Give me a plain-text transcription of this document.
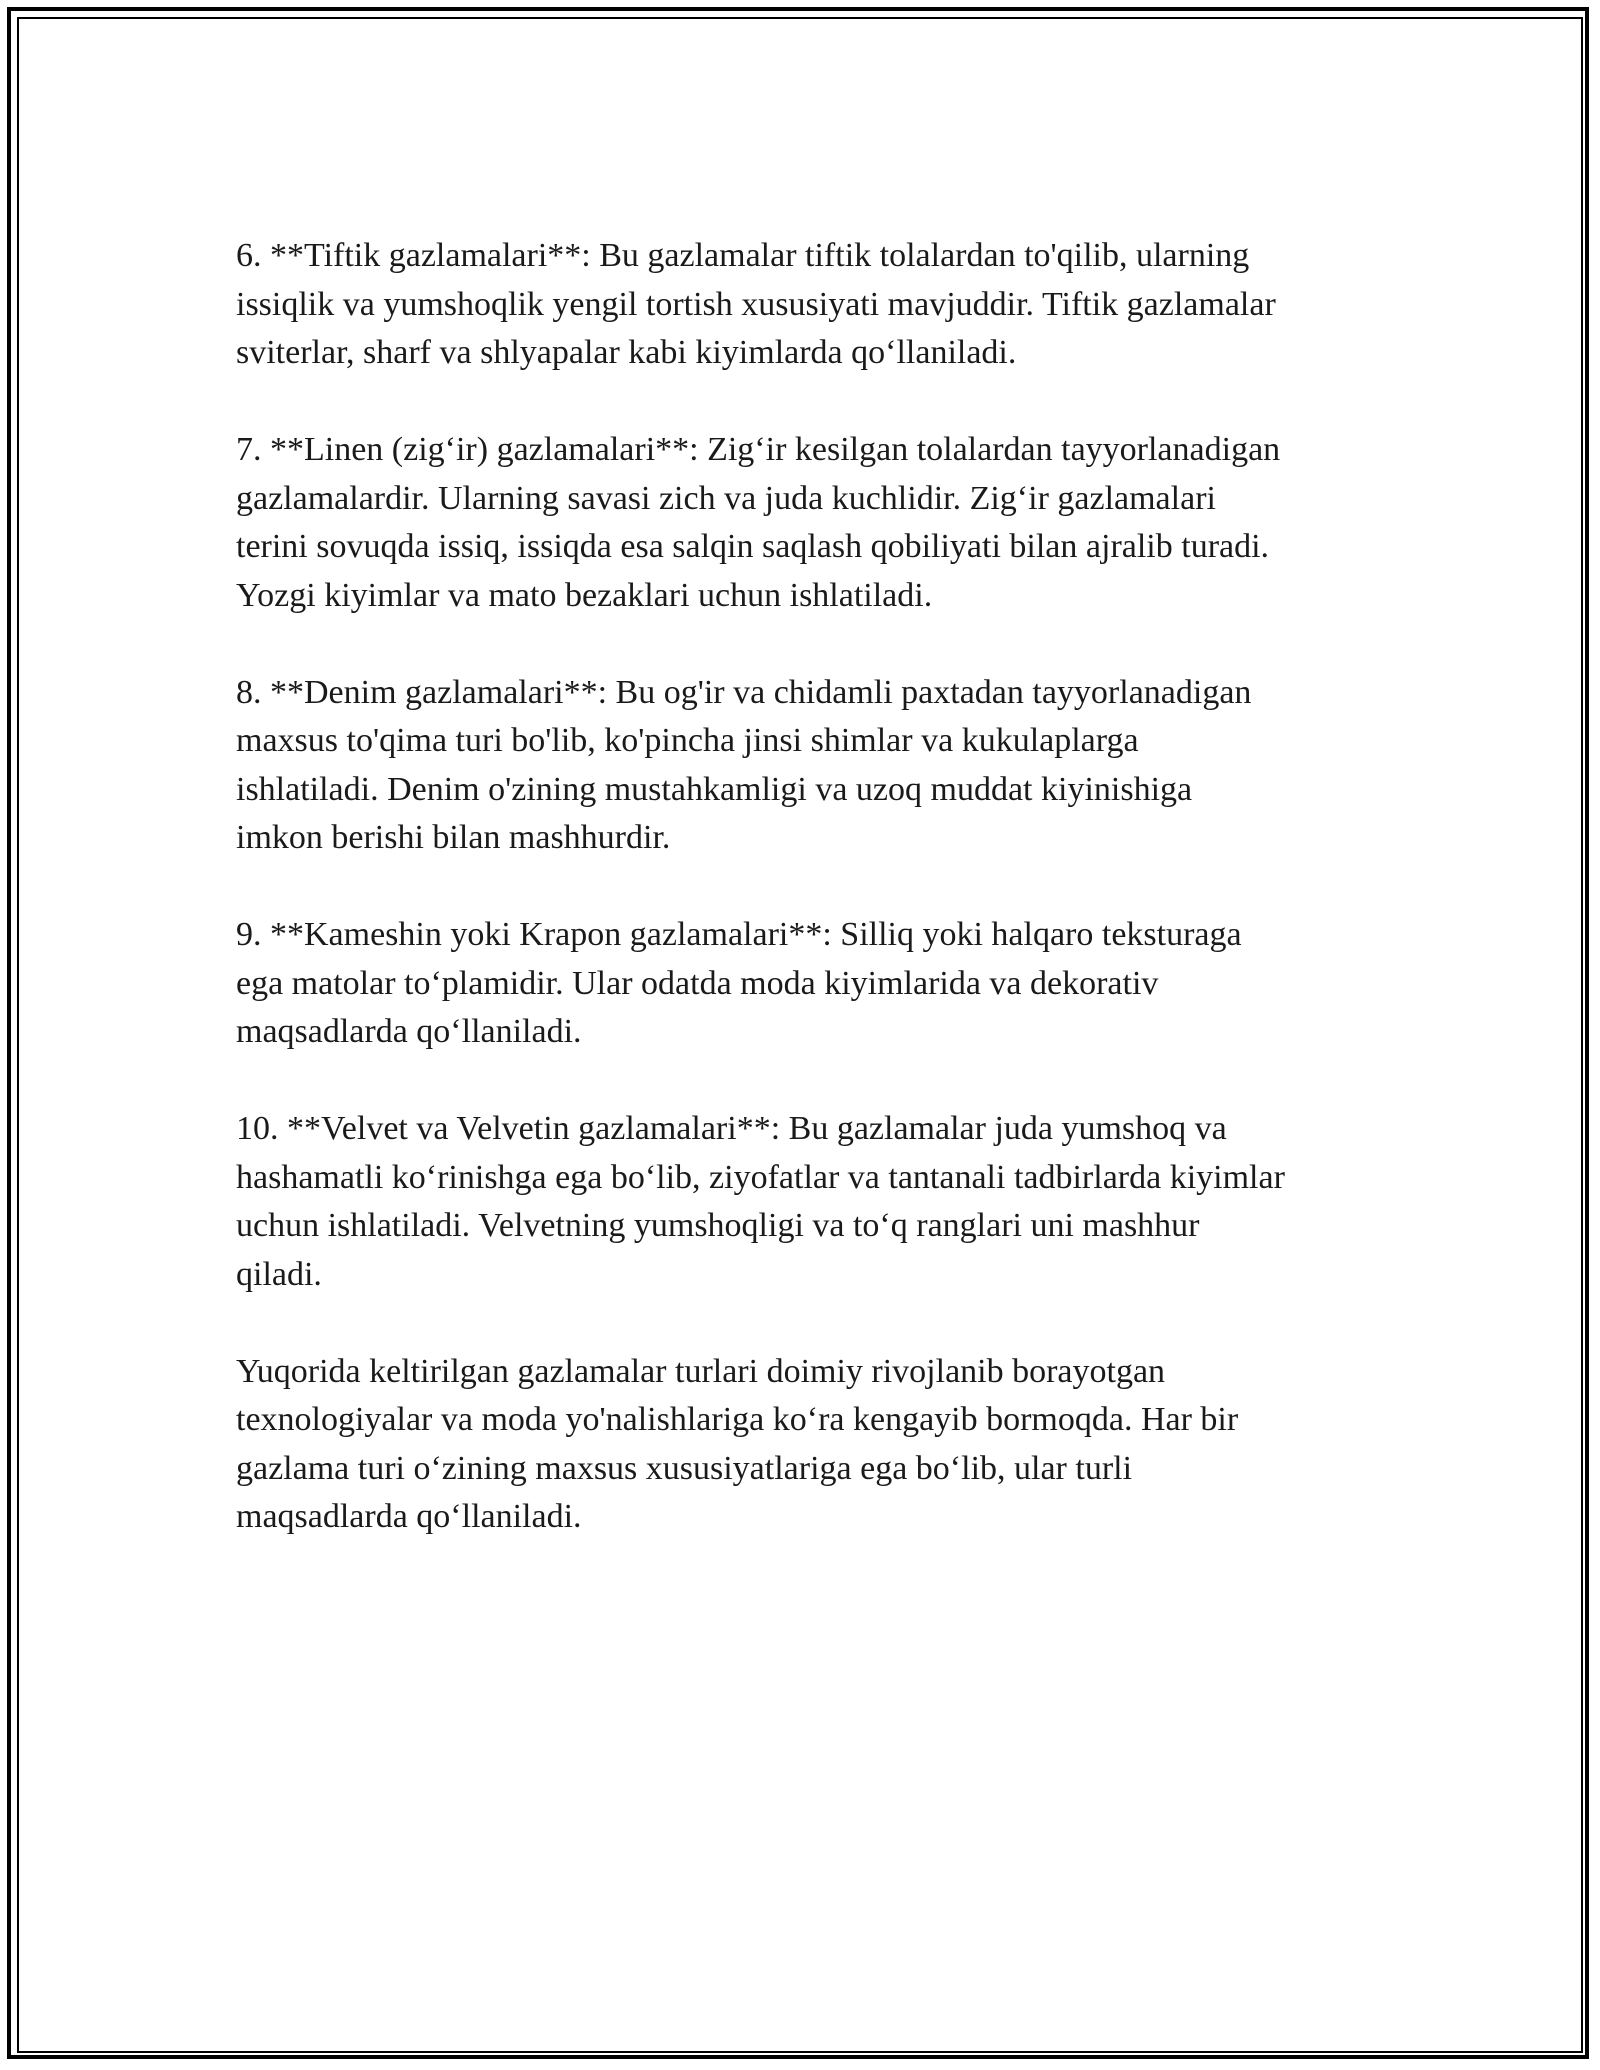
6. **Tiftik gazlamalari**: Bu gazlamalar tiftik tolalardan to'qilib, ularning
issiqlik va yumshoqlik yengil tortish xususiyati mavjuddir. Tiftik gazlamalar
sviterlar, sharf va shlyapalar kabi kiyimlarda qo‘llaniladi.

7. **Linen (zig‘ir) gazlamalari**: Zig‘ir kesilgan tolalardan tayyorlanadigan
gazlamalardir. Ularning savasi zich va juda kuchlidir. Zig‘ir gazlamalari
terini sovuqda issiq, issiqda esa salqin saqlash qobiliyati bilan ajralib turadi.
Yozgi kiyimlar va mato bezaklari uchun ishlatiladi.

8. **Denim gazlamalari**: Bu og'ir va chidamli paxtadan tayyorlanadigan
maxsus to'qima turi bo'lib, ko'pincha jinsi shimlar va kukulaplarga
ishlatiladi. Denim o'zining mustahkamligi va uzoq muddat kiyinishiga
imkon berishi bilan mashhurdir.

9. **Kameshin yoki Krapon gazlamalari**: Silliq yoki halqaro teksturaga
ega matolar to‘plamidir. Ular odatda moda kiyimlarida va dekorativ
maqsadlarda qo‘llaniladi.

10. **Velvet va Velvetin gazlamalari**: Bu gazlamalar juda yumshoq va
hashamatli ko‘rinishga ega bo‘lib, ziyofatlar va tantanali tadbirlarda kiyimlar
uchun ishlatiladi. Velvetning yumshoqligi va to‘q ranglari uni mashhur
qiladi.

Yuqorida keltirilgan gazlamalar turlari doimiy rivojlanib borayotgan
texnologiyalar va moda yo'nalishlariga ko‘ra kengayib bormoqda. Har bir
gazlama turi o‘zining maxsus xususiyatlariga ega bo‘lib, ular turli
maqsadlarda qo‘llaniladi.
